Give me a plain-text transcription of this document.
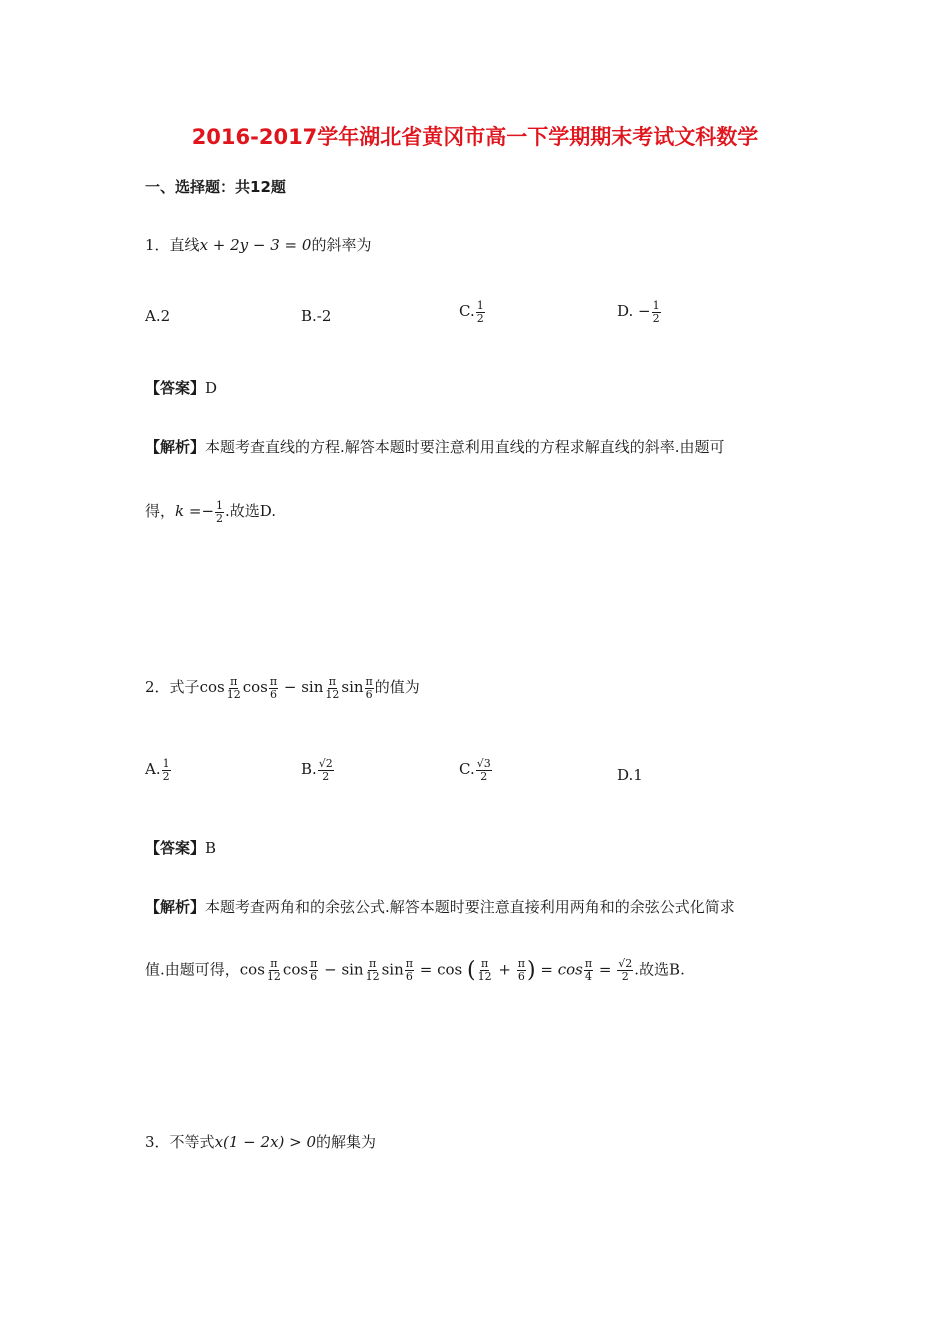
2016-2017学年湖北省黄冈市高一下学期期末考试文科数学
一、选择题：共12题
1．直线x + 2y − 3 = 0的斜率为
A.2	B.-2	C. $\frac{1}{2}$	D. − $\frac{1}{2}$
【答案】D
【解析】本题考查直线的方程.解答本题时要注意利用直线的方程求解直线的斜率.由题可
得，$k =- \frac{1}{2}$ .故选D.
2．式子$\cos \frac{\pi}{12}$ $\cos \frac{\pi}{6} - \sin \frac{\pi}{12}$ $\sin \frac{\pi}{6}$ 的值为
A. $\frac{1}{2}$	B. $\frac{√2}{2}$	C. $\frac{√3}{2}$	D.1
【答案】B
【解析】本题考查两角和的余弦公式.解答本题时要注意直接利用两角和的余弦公式化简求
值.由题可得，$\cos \frac{\pi}{12}$ $\cos \frac{\pi}{6} - \sin \frac{\pi}{12}$ $\sin \frac{\pi}{6} = \cos$ ( $\frac{\pi}{12} + \frac{\pi}{6}$ ) = $\cos \frac{\pi}{4} = \frac{√2}{2}$ .故选B.
3．不等式x(1 − 2x) > 0的解集为
